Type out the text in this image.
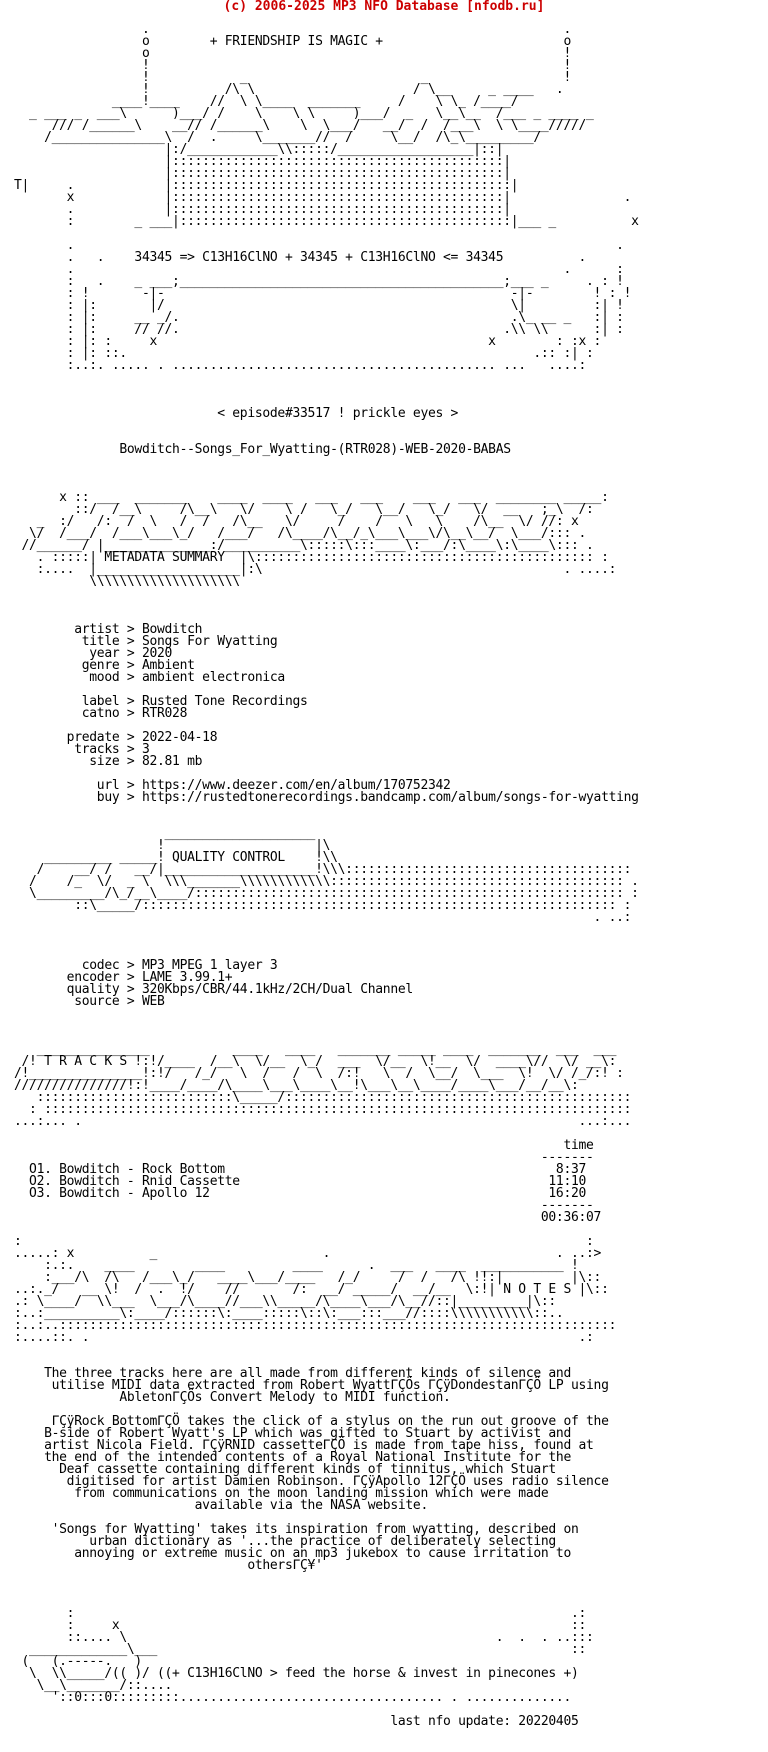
(c) 2006-2025 MP3 NFO Database [nfodb.ru]

.                                                       .
o        + FRIENDSHIP IS MAGIC +                        o
o                                                       !
!                                                       !
!            _                       _                  !
!          /\ \                     / \__     _ ____   .
____!____    //  \ \____  _______     /    \ \_ /____/
_ ___ _  ___\      )___/ /    \    \ \     )___/  _   \__\__  /___ _ ____ _
/// /______\    __// /______\    \  \___/   __/  /  /___\  \ \____/////
/_______________\  /  .     \_______//  /     \__/  /\_\_________/
|:/____________\\:::::/__________________|::|
|::::::::::::::::::::::::::::::::::::::::::::|
|::::::::::::::::::::::::::::::::::::::::::::|
T|     .            |:::::::::::::::::::::::::::::::::::::::::::::|
x            |::::::::::::::::::::::::::::::::::::::::::::|               .
.            |::::::::::::::::::::::::::::::::::::::::::::|
:        _ ___|::::::::::::::::::::::::::::::::::::::::::::|___ _          x

.                                                                        .
.   .    34345 => C13H16ClNO + 34345 + C13H16ClNO <= 34345          .
.                                                                 .      :
:   .    _ ___;___________________________________________;___ _     . : !
: !       -|-                                              -|-        ! : !
: |:       |/                                              \|         :| !
: |:     __ _/.                                            .\_ __ _   :| :
: |:     // //.                                           .\\ \\      :| :
: |: :     x                                            x        : :x :
: |: ::.                                                      .:: :| :
:..:. ..... . ........................................... ...   ....:

< episode#33517 ! prickle eyes >

Bowditch--Songs_For_Wyatting-(RTR028)-WEB-2020-BABAS

x :: ___  _______    ____  ____   ___   ___    ___   ___  ________ _____:
::/  /__\     /\__\   \/    \ /   \_/   \__/   \_/   \/  __   ;_\  /:
_  :/   /:  /  \   /  /   /\__   \/     /    /   \   \    /\__  \/ //: x
\/  /___/  /___\___\_/   /___/   /\____/\__/_\___\___\/\__\__/  \___/::: .
//______/ |______________:/__________\:::::\:::____\:___/:\____\:\____\::: .
. :::::| METADATA SUMMARY  |\::::::::::::::::::::::::::::::::::::::::::::: :
:....  |___________________|:\                                        . ....:
\\\\\\\\\\\\\\\\\\\\

artist > Bowditch
title > Songs For Wyatting
year > 2020
genre > Ambient
mood > ambient electronica

label > Rusted Tone Recordings
catno > RTR028

predate > 2022-04-18
tracks > 3
size > 82.81 mb

url > https://www.deezer.com/en/album/170752342
buy > https://rustedtonerecordings.bandcamp.com/album/songs-for-wyatting

____________________
!                    |\
_________ _____! QUALITY CONTROL    !\\
/    __/ /   __/|____________________!\\\::::::::::::::::::::::::::::::::::::::
/    /_  \/  _ \  \\\_______\\\\\\\\\\\\::::::::::::::::::::::::::::::::::::::: .
\_________/\_/__\____/::::::::::::::::::::::::::::::::::::::::::::::::::::::::: :
::\_____/::::::::::::::::::::::::::::::::::::::::::::::::::::::::::::::: :
. ..:

codec > MP3 MPEG 1 layer 3
encoder > LAME 3.99.1+
quality > 320Kbps/CBR/44.1kHz/2CH/Dual Channel
source > WEB

_______________           ____   ____   _______ _____ ____  _______  ___  ___
/! T R A C K S !:!/____  /__\  \/__  \_/  ___  \/__  \!__  \/  ____\//  \/ __\:
/!_______________!:!/   /_/   \  /   /  \  /:!   \  /  \__/  \___  \!  \/ /_/:! :
///////////////!:!____/____/\____\___\____\__!\___\__\____/____\___/__/__\:
::::::::::::::::::::::::::\_____/::::::::::::::::::::::::::::::::::::::::::::::
: ::::::::::::::::::::::::::::::::::::::::::::::::::::::::::::::::::::::::::::::
...:... .                                                                  ...:...

time
-------
O1. Bowditch - Rock Bottom                                            8:37
O2. Bowditch - Rnid Cassette                                         11:10
O3. Bowditch - Apollo 12                                             16:20
-------
00:36:07

:                                                                           :
.....: x          _                      .                              . ..:>
:.:.    ____        ____         ____      .  ___   ____  ___________ !
:___/\  /\   /___\_/   ____\___/____   /_/     /  /   /\ !!:|         |\::
..:._/   __ \!  /  .  !/    //       /:  __/ _____/  __/__  \:!| N O T E S |\::
.: \____/  \\___  \___/\____//___\\_____/\____\___/\__//::|_________|\::
:..:__________\:____/::::::\:____:::::\::\:___:::___//::::\\\\\\\\\\\::..
:..:..::::::::::::::::::::::::::::::::::::::::::::::::::::::::::::::::::::::::::
:....::. .                                                                 .:

The three tracks here are all made from different kinds of silence and
utilise MIDI data extracted from Robert WyattΓÇÖs ΓÇÿDondestanΓÇÖ LP using
AbletonΓÇÖs Convert Melody to MIDI function.

ΓÇÿRock BottomΓÇÖ takes the click of a stylus on the run out groove of the
B-side of Robert Wyatt's LP which was gifted to Stuart by activist and
artist Nicola Field. ΓÇÿRNID cassetteΓÇÖ is made from tape hiss, found at
the end of the intended contents of a Royal National Institute for the
Deaf cassette containing different kinds of tinnitus, which Stuart
digitised for artist Damien Robinson. ΓÇÿApollo 12ΓÇÖ uses radio silence
from communications on the moon landing mission which were made
available via the NASA website.

'Songs for Wyatting' takes its inspiration from wyatting, described on
urban dictionary as '...the practice of deliberately selecting
annoying or extreme music on an mp3 jukebox to cause irritation to
othersΓÇ¥'

:                                                                  .:
:     x                                                            ::
::.... \                                                 .  .  . ..:::
_____________\___                                                       ::
(   (.-----.   )
\  \\_____/(( )/ ((+ C13H16ClNO > feed the horse & invest in pinecones +)
\__\_______/::....
'::0:::0:::::::::................................... . ..............

last nfo update: 20220405
